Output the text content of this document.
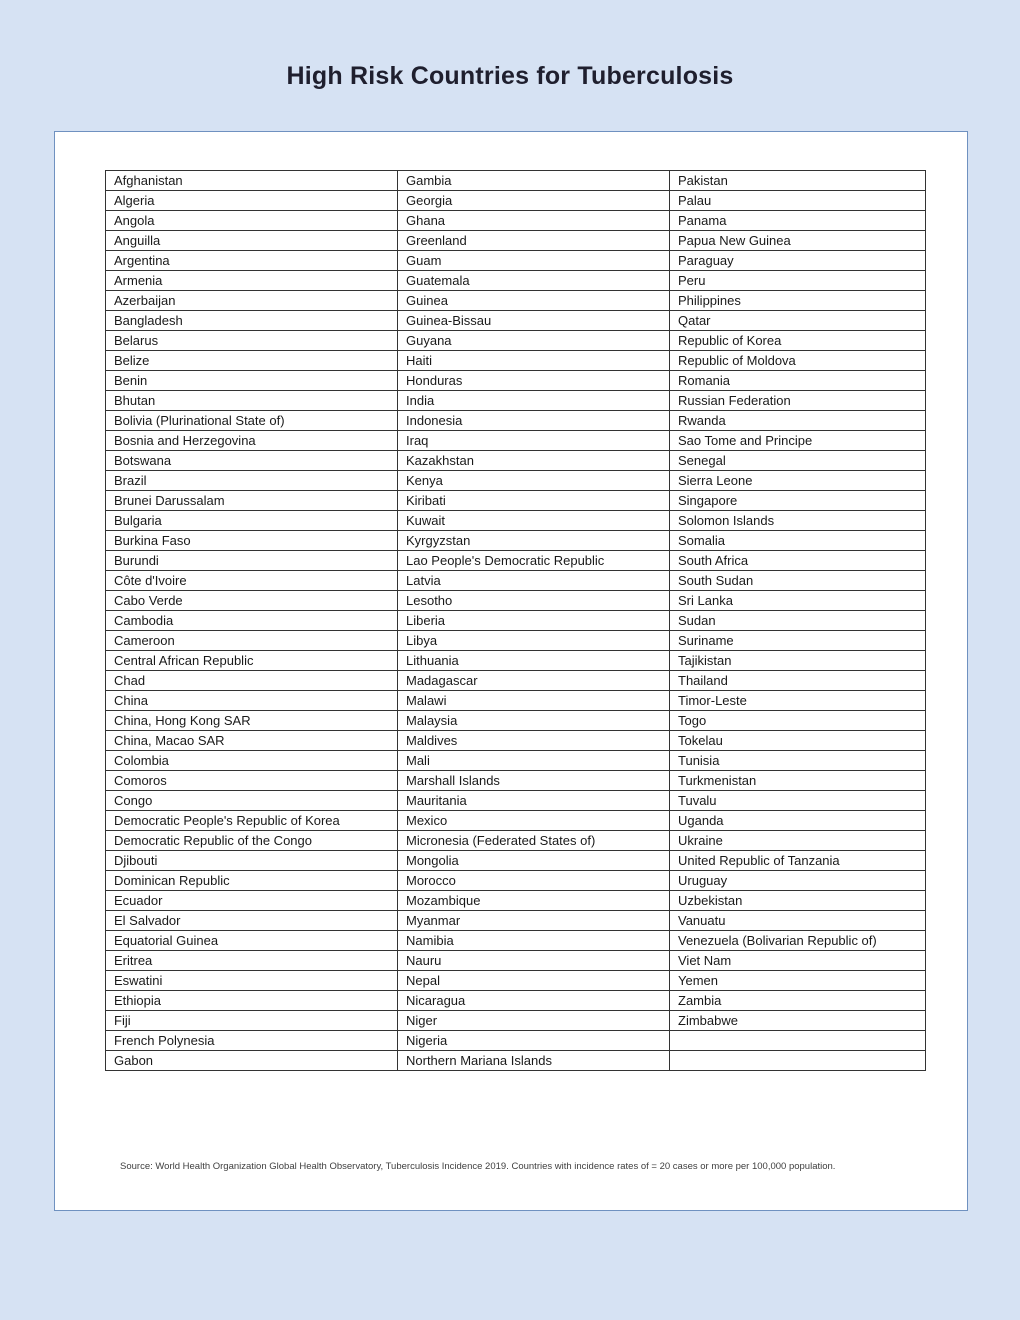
High Risk Countries for Tuberculosis
Afghanistan	Gambia	Pakistan
Algeria	Georgia	Palau
Angola	Ghana	Panama
Anguilla	Greenland	Papua New Guinea
Argentina	Guam	Paraguay
Armenia	Guatemala	Peru
Azerbaijan	Guinea	Philippines
Bangladesh	Guinea-Bissau	Qatar
Belarus	Guyana	Republic of Korea
Belize	Haiti	Republic of Moldova
Benin	Honduras	Romania
Bhutan	India	Russian Federation
Bolivia (Plurinational State of)	Indonesia	Rwanda
Bosnia and Herzegovina	Iraq	Sao Tome and Principe
Botswana	Kazakhstan	Senegal
Brazil	Kenya	Sierra Leone
Brunei Darussalam	Kiribati	Singapore
Bulgaria	Kuwait	Solomon Islands
Burkina Faso	Kyrgyzstan	Somalia
Burundi	Lao People's Democratic Republic	South Africa
Côte d'Ivoire	Latvia	South Sudan
Cabo Verde	Lesotho	Sri Lanka
Cambodia	Liberia	Sudan
Cameroon	Libya	Suriname
Central African Republic	Lithuania	Tajikistan
Chad	Madagascar	Thailand
China	Malawi	Timor-Leste
China, Hong Kong SAR	Malaysia	Togo
China, Macao SAR	Maldives	Tokelau
Colombia	Mali	Tunisia
Comoros	Marshall Islands	Turkmenistan
Congo	Mauritania	Tuvalu
Democratic People's Republic of Korea	Mexico	Uganda
Democratic Republic of the Congo	Micronesia (Federated States of)	Ukraine
Djibouti	Mongolia	United Republic of Tanzania
Dominican Republic	Morocco	Uruguay
Ecuador	Mozambique	Uzbekistan
El Salvador	Myanmar	Vanuatu
Equatorial Guinea	Namibia	Venezuela (Bolivarian Republic of)
Eritrea	Nauru	Viet Nam
Eswatini	Nepal	Yemen
Ethiopia	Nicaragua	Zambia
Fiji	Niger	Zimbabwe
French Polynesia	Nigeria	
Gabon	Northern Mariana Islands	
Source: World Health Organization Global Health Observatory, Tuberculosis Incidence 2019. Countries with incidence rates of = 20 cases or more per 100,000 population.
